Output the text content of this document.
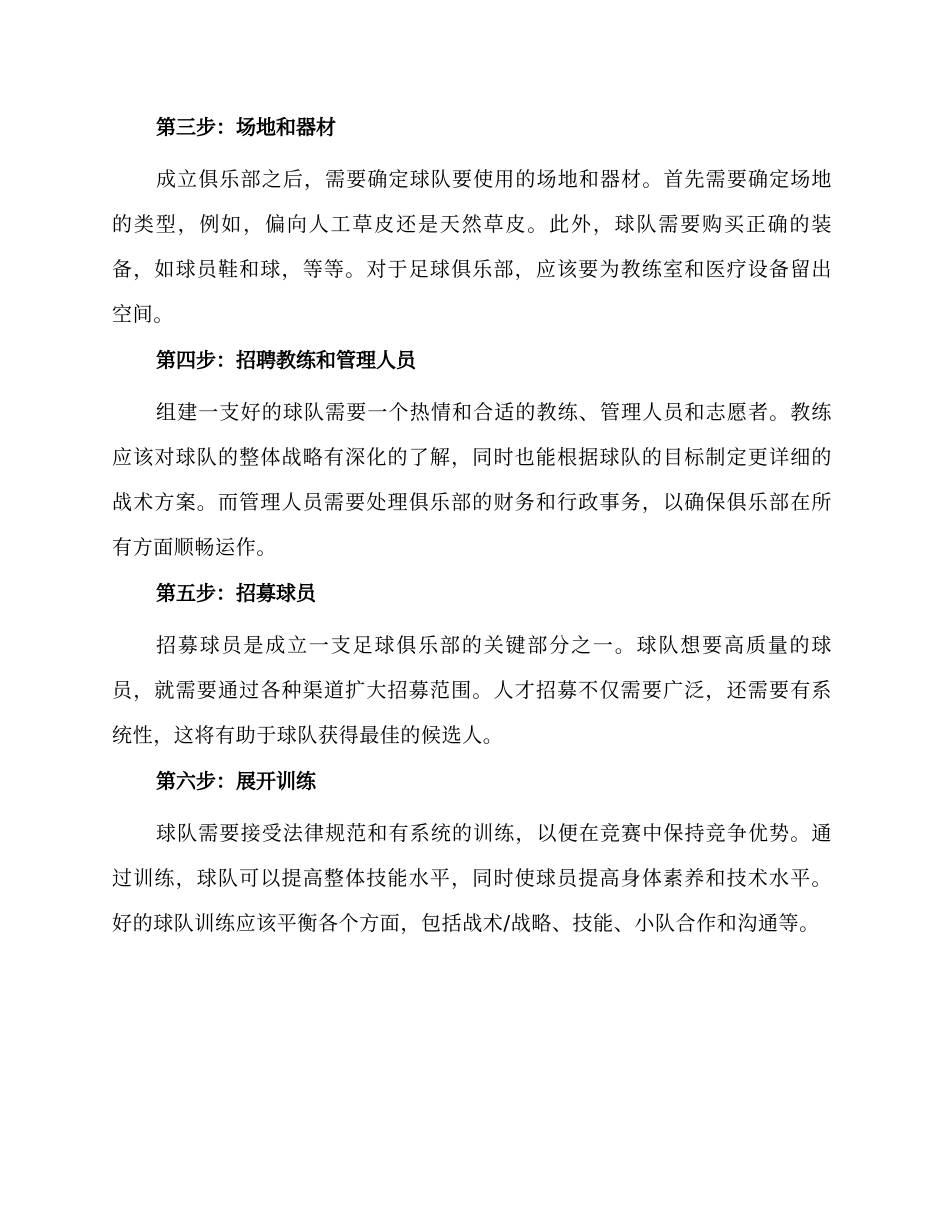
第三步：场地和器材

成立俱乐部之后，需要确定球队要使用的场地和器材。首先需要确定场地的类型，例如，偏向人工草皮还是天然草皮。此外，球队需要购买正确的装备，如球员鞋和球，等等。对于足球俱乐部，应该要为教练室和医疗设备留出空间。

第四步：招聘教练和管理人员

组建一支好的球队需要一个热情和合适的教练、管理人员和志愿者。教练应该对球队的整体战略有深化的了解，同时也能根据球队的目标制定更详细的战术方案。而管理人员需要处理俱乐部的财务和行政事务，以确保俱乐部在所有方面顺畅运作。

第五步：招募球员

招募球员是成立一支足球俱乐部的关键部分之一。球队想要高质量的球员，就需要通过各种渠道扩大招募范围。人才招募不仅需要广泛，还需要有系统性，这将有助于球队获得最佳的候选人。

第六步：展开训练

球队需要接受法律规范和有系统的训练，以便在竞赛中保持竞争优势。通过训练，球队可以提高整体技能水平，同时使球员提高身体素养和技术水平。好的球队训练应该平衡各个方面，包括战术/战略、技能、小队合作和沟通等。
